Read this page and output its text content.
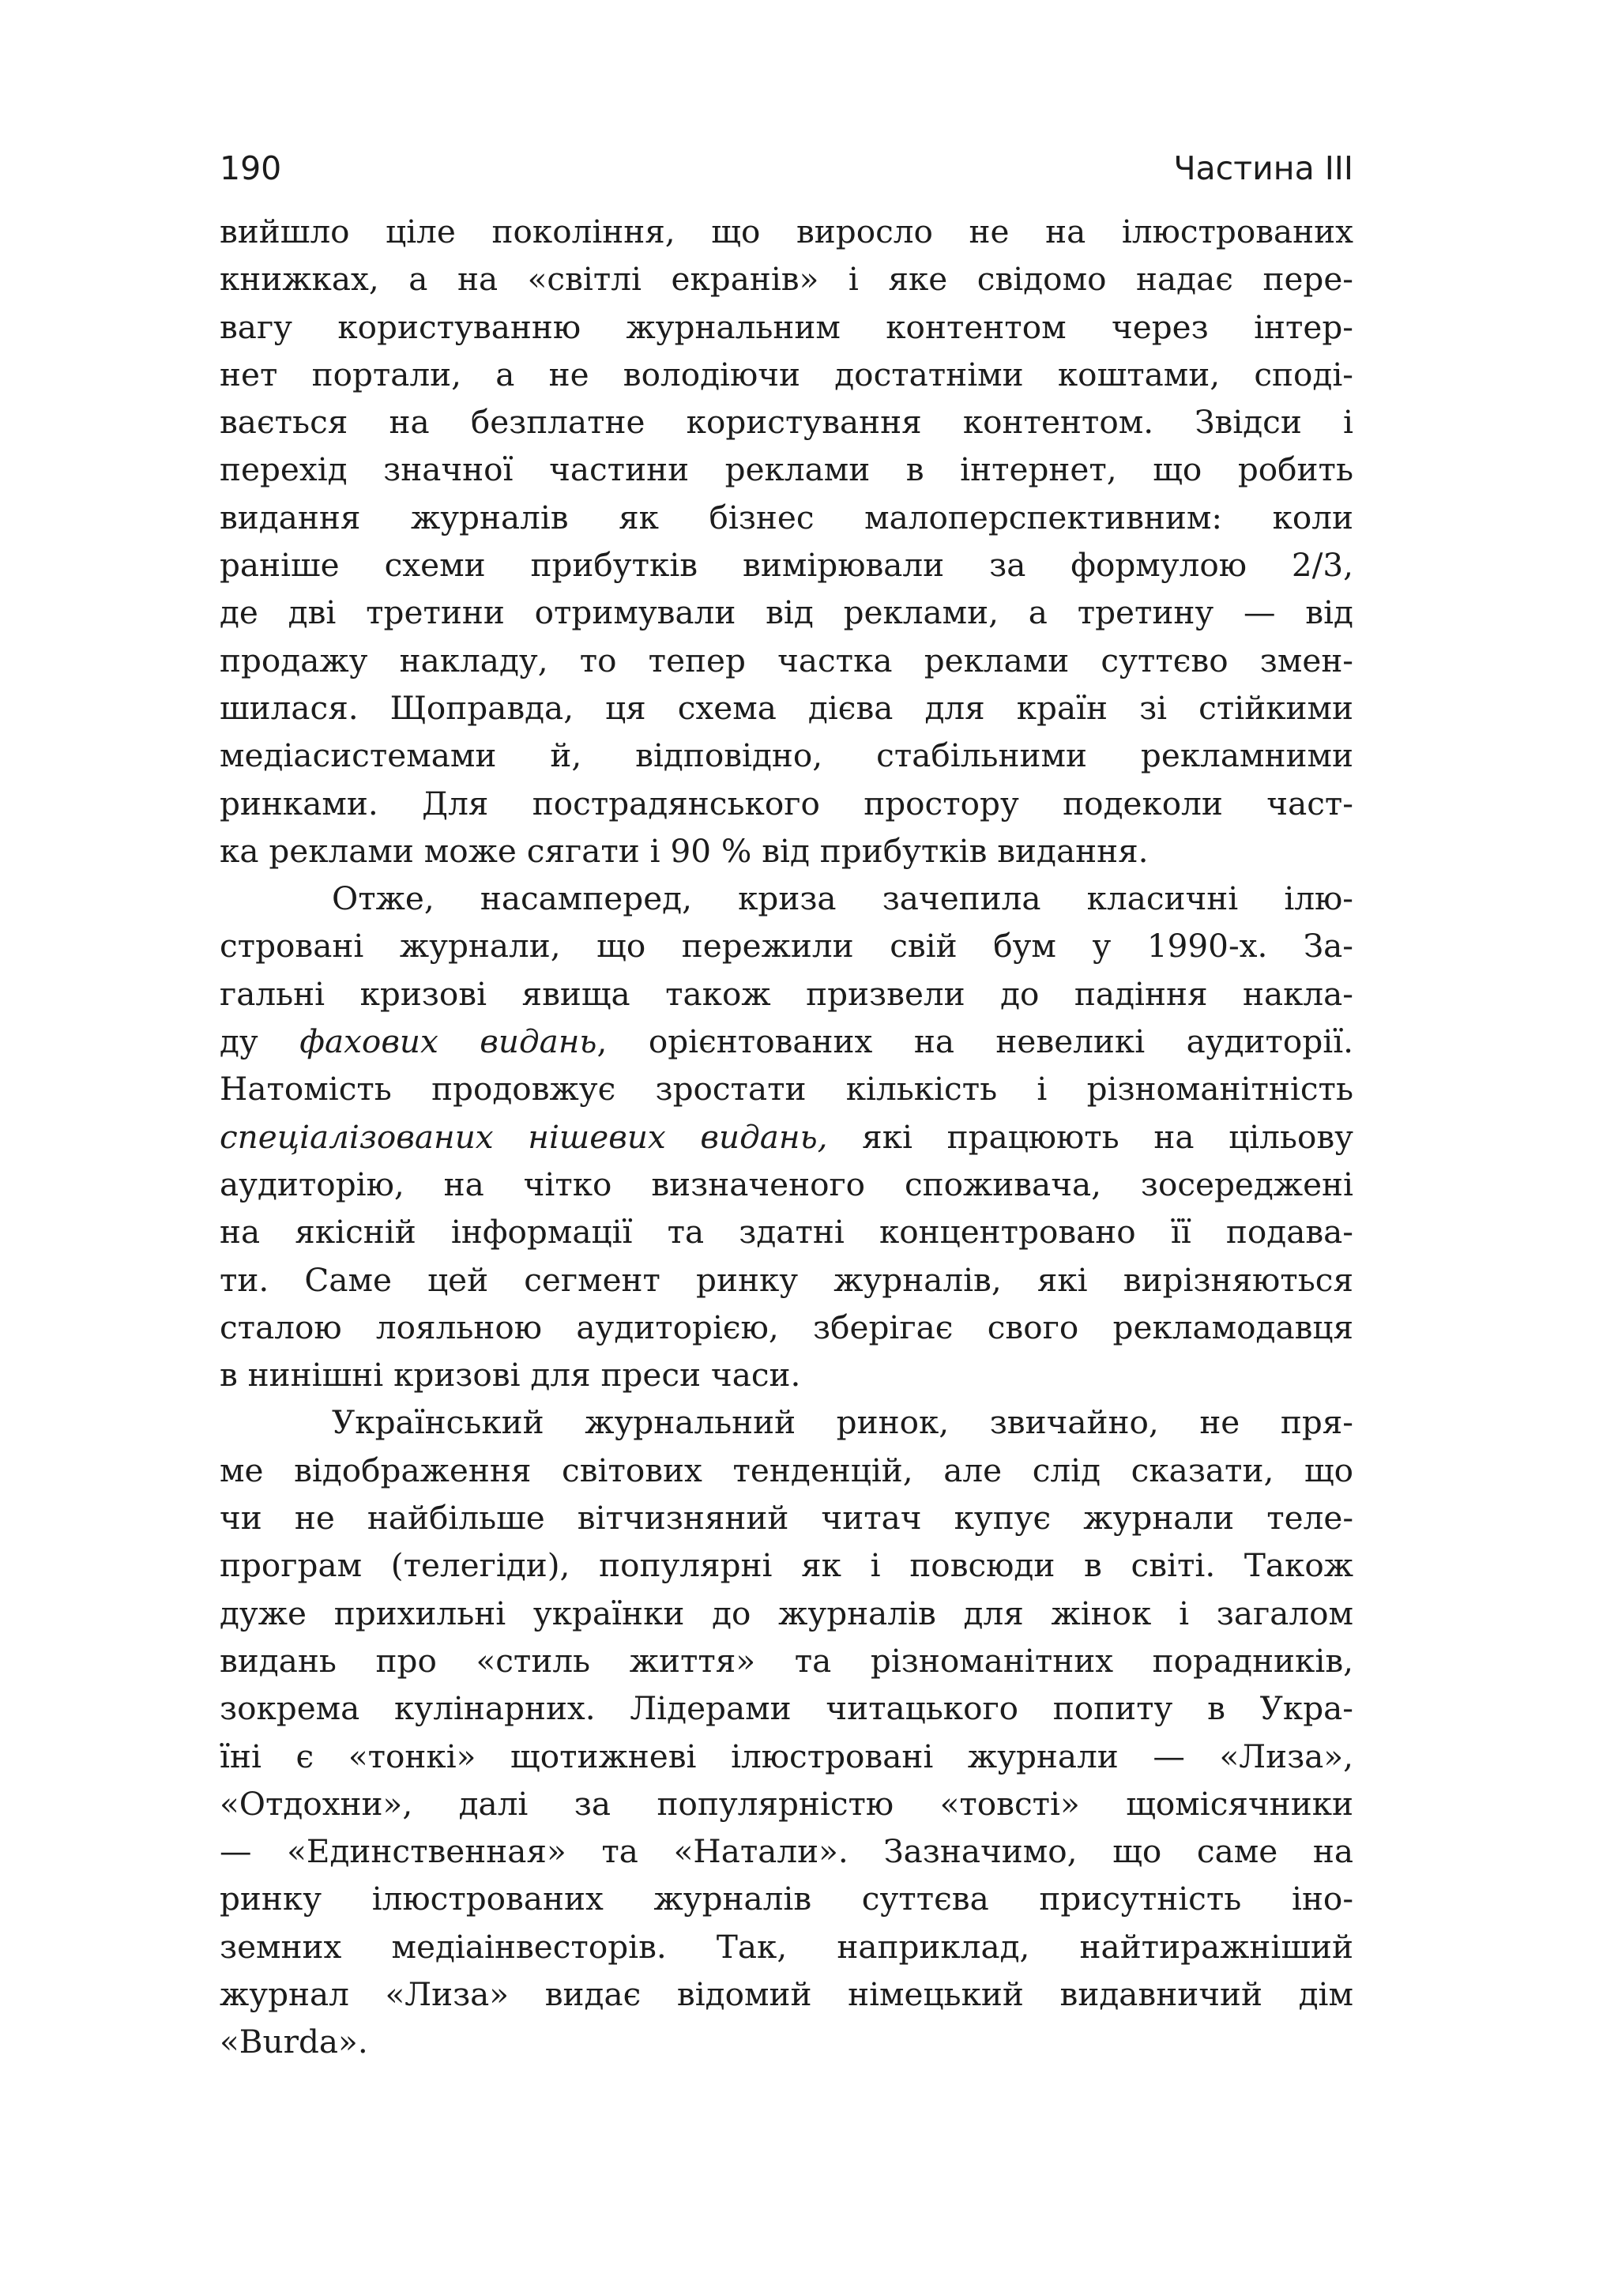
190	Частина III
вийшло ціле покоління, що виросло не на ілюстрованих
книжках, а на «світлі екранів» і яке свідомо надає пере-
вагу користуванню журнальним контентом через інтер-
нет портали, а не володіючи достатніми коштами, сподi-
вається на безплатне користування контентом. Звідси і
перехід значної частини реклами в інтернет, що робить
видання журналів як бізнес малоперспективним: коли
раніше схеми прибутків вимірювали за формулою 2/3,
де дві третини отримували від реклами, а третину — від
продажу накладу, то тепер частка реклами суттєво змен-
шилася. Щоправда, ця схема дієва для країн зі стійкими
медіасистемами й, відповідно, стабільними рекламними
ринками. Для пострадянського простору подеколи част-
ка реклами може сягати і 90 % від прибутків видання.
Отже, насамперед, криза зачепила класичні ілю-
стровані журнали, що пережили свій бум у 1990-х. За-
гальні кризові явища також призвели до падіння накла-
ду фахових видань, орієнтованих на невеликі аудиторії.
Натомість продовжує зростати кількість і різноманітність
спеціалізованих нішевих видань, які працюють на цільову
аудиторію, на чітко визначеного споживача, зосереджені
на якісній інформації та здатні концентровано її подава-
ти. Саме цей сегмент ринку журналів, які вирізняються
сталою лояльною аудиторією, зберігає свого рекламодавця
в нинішні кризові для преси часи.
Український журнальний ринок, звичайно, не пря-
ме відображення світових тенденцій, але слід сказати, що
чи не найбільше вітчизняний читач купує журнали теле-
програм (телегіди), популярні як і повсюди в світі. Також
дуже прихильні українки до журналів для жінок і загалом
видань про «стиль життя» та різноманітних порадників,
зокрема кулінарних. Лідерами читацького попиту в Укра-
їні є «тонкі» щотижневі ілюстровані журнали — «Лиза»,
«Отдохни», далі за популярністю «товсті» щомісячники
— «Единственная» та «Натали». Зазначимо, що саме на
ринку ілюстрованих журналів суттєва присутність іно-
земних медіаінвесторів. Так, наприклад, найтиражніший
журнал «Лиза» видає відомий німецький видавничий дім
«Burda».
